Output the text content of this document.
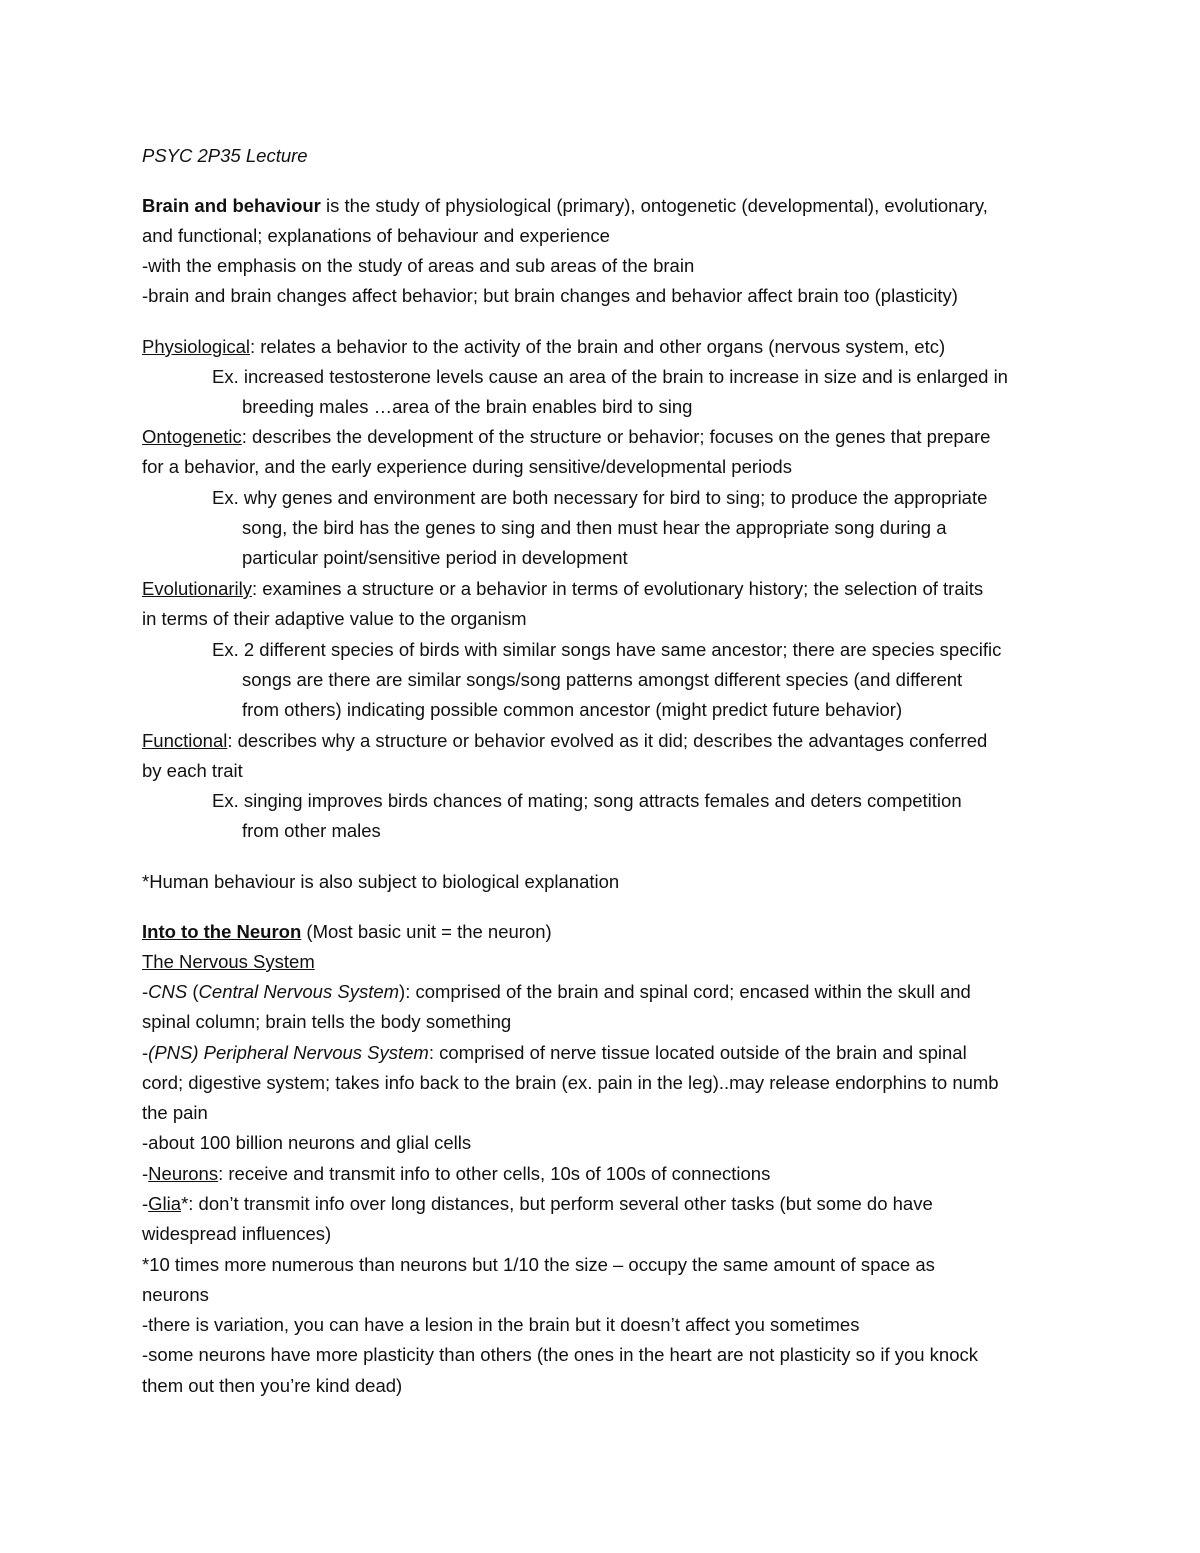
PSYC 2P35 Lecture
Brain and behaviour is the study of physiological (primary), ontogenetic (developmental), evolutionary,
and functional; explanations of behaviour and experience
-with the emphasis on the study of areas and sub areas of the brain
-brain and brain changes affect behavior; but brain changes and behavior affect brain too (plasticity)
Physiological: relates a behavior to the activity of the brain and other organs (nervous system, etc)
Ex. increased testosterone levels cause an area of the brain to increase in size and is enlarged in
breeding males …area of the brain enables bird to sing
Ontogenetic: describes the development of the structure or behavior; focuses on the genes that prepare
for a behavior, and the early experience during sensitive/developmental periods
Ex. why genes and environment are both necessary for bird to sing; to produce the appropriate
song, the bird has the genes to sing and then must hear the appropriate song during a
particular point/sensitive period in development
Evolutionarily: examines a structure or a behavior in terms of evolutionary history; the selection of traits
in terms of their adaptive value to the organism
Ex. 2 different species of birds with similar songs have same ancestor; there are species specific
songs are there are similar songs/song patterns amongst different species (and different
from others) indicating possible common ancestor (might predict future behavior)
Functional: describes why a structure or behavior evolved as it did; describes the advantages conferred
by each trait
Ex. singing improves birds chances of mating; song attracts females and deters competition
from other males
*Human behaviour is also subject to biological explanation
Into to the Neuron (Most basic unit = the neuron)
The Nervous System
-CNS (Central Nervous System): comprised of the brain and spinal cord; encased within the skull and
spinal column; brain tells the body something
-(PNS) Peripheral Nervous System: comprised of nerve tissue located outside of the brain and spinal
cord; digestive system; takes info back to the brain (ex. pain in the leg)..may release endorphins to numb
the pain
-about 100 billion neurons and glial cells
-Neurons: receive and transmit info to other cells, 10s of 100s of connections
-Glia*: don’t transmit info over long distances, but perform several other tasks (but some do have
widespread influences)
*10 times more numerous than neurons but 1/10 the size – occupy the same amount of space as
neurons
-there is variation, you can have a lesion in the brain but it doesn’t affect you sometimes
-some neurons have more plasticity than others (the ones in the heart are not plasticity so if you knock
them out then you’re kind dead)
